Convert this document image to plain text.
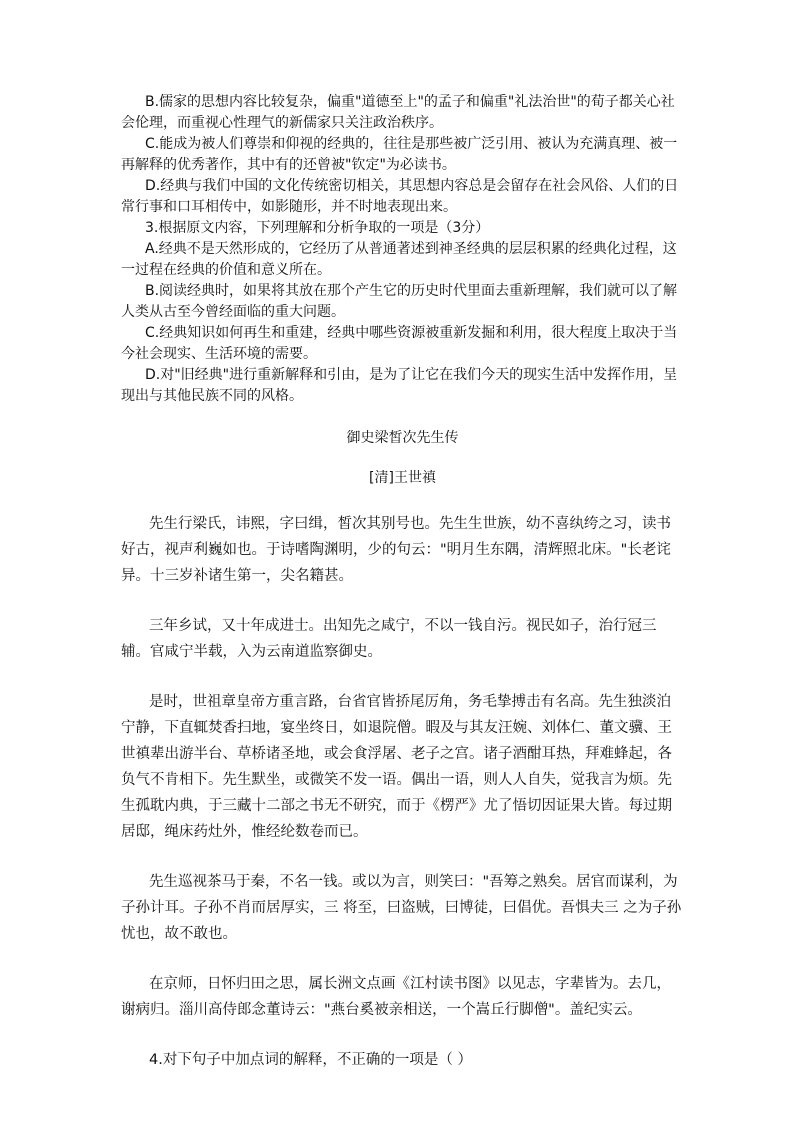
B.儒家的思想内容比较复杂，偏重"道德至上"的孟子和偏重"礼法治世"的荀子都关心社会伦理，而重视心性理气的新儒家只关注政治秩序。

C.能成为被人们尊崇和仰视的经典的，往往是那些被广泛引用、被认为充满真理、被一再解释的优秀著作，其中有的还曾被"钦定"为必读书。

D.经典与我们中国的文化传统密切相关，其思想内容总是会留存在社会风俗、人们的日常行事和口耳相传中，如影随形，并不时地表现出来。

3.根据原文内容，下列理解和分析争取的一项是（3分）

A.经典不是天然形成的，它经历了从普通著述到神圣经典的层层积累的经典化过程，这一过程在经典的价值和意义所在。

B.阅读经典时，如果将其放在那个产生它的历史时代里面去重新理解，我们就可以了解人类从古至今曾经面临的重大问题。

C.经典知识如何再生和重建，经典中哪些资源被重新发掘和利用，很大程度上取决于当今社会现实、生活环境的需要。

D.对"旧经典"进行重新解释和引由，是为了让它在我们今天的现实生活中发挥作用，呈现出与其他民族不同的风格。

御史梁皙次先生传

[清]王世禛

先生行梁氏，讳熙，字曰缉，皙次其别号也。先生生世族，幼不喜纨绔之习，读书好古，视声利巍如也。于诗嗜陶渊明，少的句云："明月生东隅，清辉照北床。"长老诧异。十三岁补诸生第一，尖名籍甚。

三年乡试，又十年成进士。出知先之咸宁，不以一钱自污。视民如子，治行冠三辅。官咸宁半载，入为云南道监察御史。

是时，世祖章皇帝方重言路，台省官皆挢尾厉角，务毛挚搏击有名高。先生独淡泊宁静，下直辄焚香扫地，宴坐终日，如退院僧。暇及与其友汪婉、刘体仁、董文骥、王世禛辈出游半台、草桥诸圣地，或会食浮屠、老子之宫。诸子酒酣耳热，拜难蜂起，各负气不肯相下。先生默坐，或微笑不发一语。偶出一语，则人人自失，觉我言为烦。先生孤耽内典，于三藏十二部之书无不研究，而于《楞严》尤了悟切因证果大皆。每过期居邸，绳床药灶外，惟经纶数卷而已。

先生巡视茶马于秦，不名一钱。或以为言，则笑曰："吾筹之熟矣。居官而谋利，为子孙计耳。子孙不肖而居厚实，三 将至，曰盗贼，曰博徒，曰倡优。吾惧夫三 之为子孙忧也，故不敢也。

在京师，日怀归田之思，属长洲文点画《江村读书图》以见志，字辈皆为。去几，谢病归。淄川高侍郎念董诗云："燕台奚被亲相送，一个嵩丘行脚僧"。盖纪实云。

4.对下句子中加点词的解释，不正确的一项是（ ）
